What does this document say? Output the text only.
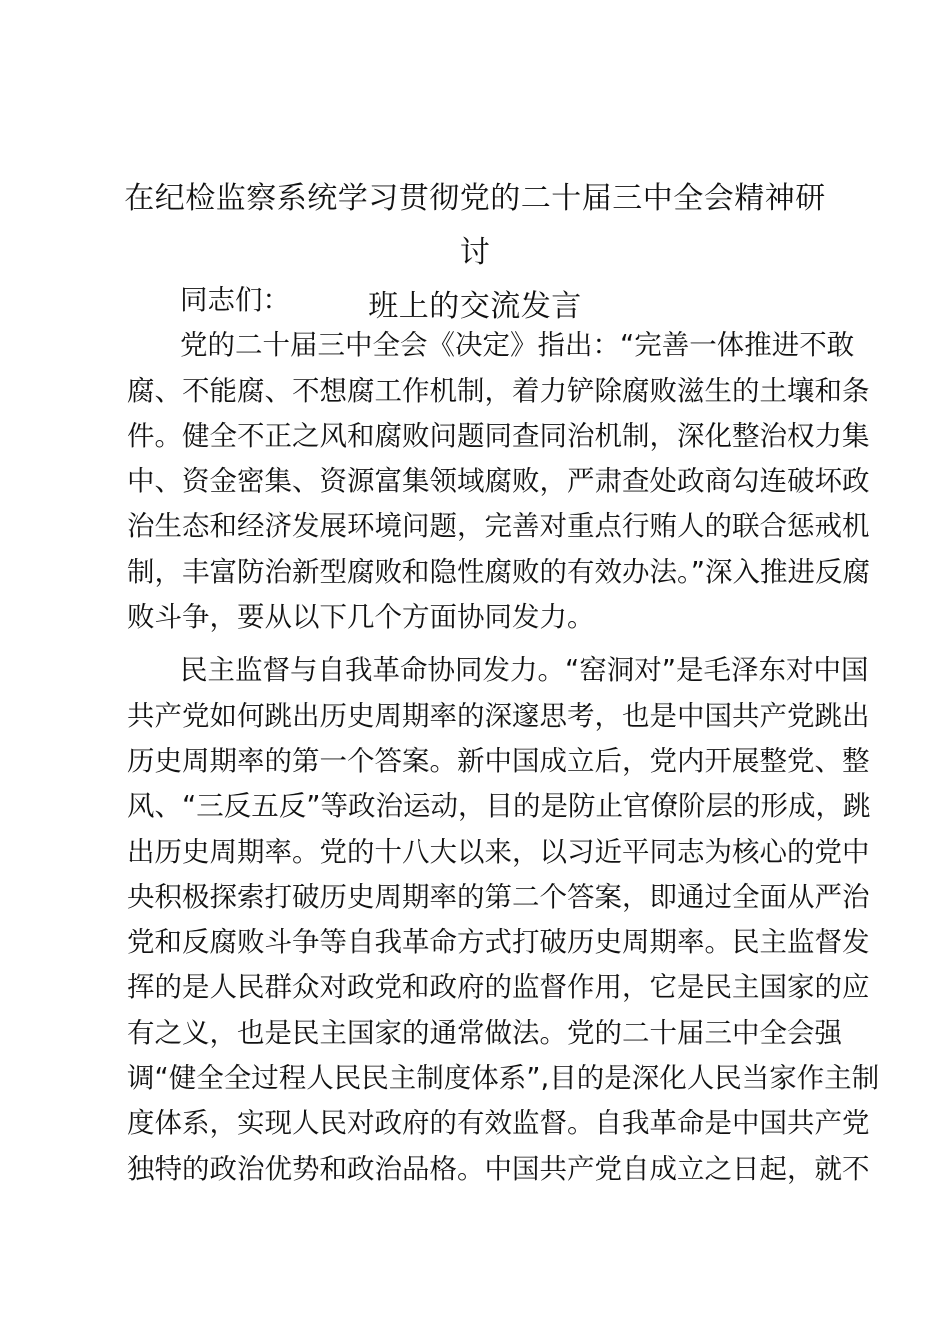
在纪检监察系统学习贯彻党的二十届三中全会精神研讨
班上的交流发言
同志们：
党的二十届三中全会《决定》指出：“完善一体推进不敢
腐、不能腐、不想腐工作机制，着力铲除腐败滋生的土壤和条
件。健全不正之风和腐败问题同查同治机制，深化整治权力集
中、资金密集、资源富集领域腐败，严肃查处政商勾连破坏政
治生态和经济发展环境问题，完善对重点行贿人的联合惩戒机
制，丰富防治新型腐败和隐性腐败的有效办法。”深入推进反腐
败斗争，要从以下几个方面协同发力。
民主监督与自我革命协同发力。“窑洞对”是毛泽东对中国
共产党如何跳出历史周期率的深邃思考，也是中国共产党跳出
历史周期率的第一个答案。新中国成立后，党内开展整党、整
风、“三反五反”等政治运动，目的是防止官僚阶层的形成，跳
出历史周期率。党的十八大以来，以习近平同志为核心的党中
央积极探索打破历史周期率的第二个答案，即通过全面从严治
党和反腐败斗争等自我革命方式打破历史周期率。民主监督发
挥的是人民群众对政党和政府的监督作用，它是民主国家的应
有之义，也是民主国家的通常做法。党的二十届三中全会强
调“健全全过程人民民主制度体系”,目的是深化人民当家作主制
度体系，实现人民对政府的有效监督。自我革命是中国共产党
独特的政治优势和政治品格。中国共产党自成立之日起，就不
